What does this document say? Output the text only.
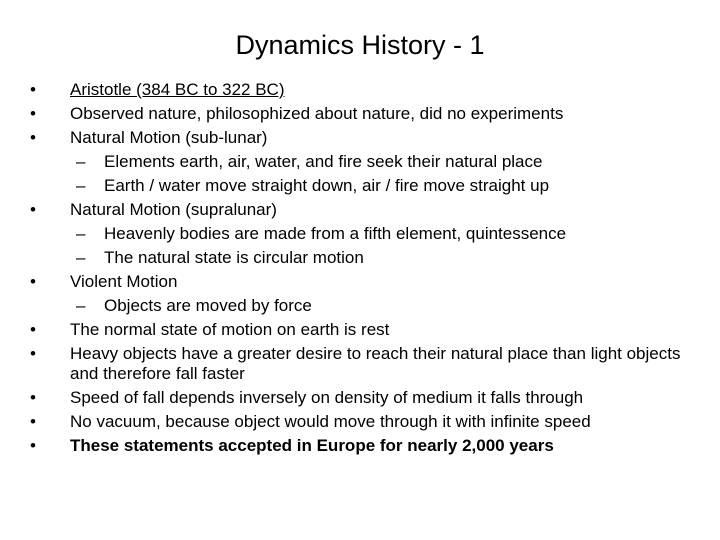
Dynamics History - 1
•	Aristotle (384 BC to 322 BC)
•	Observed nature, philosophized about nature, did no experiments
•	Natural Motion (sub-lunar)
– Elements earth, air, water, and fire seek their natural place
– Earth / water move straight down, air / fire move straight up
•	Natural Motion (supralunar)
– Heavenly bodies are made from a fifth element, quintessence
– The natural state is circular motion
•	Violent Motion
– Objects are moved by force
•	The normal state of motion on earth is rest
•	Heavy objects have a greater desire to reach their natural place than light objects and therefore fall faster
•	Speed of fall depends inversely on density of medium it falls through
•	No vacuum, because object would move through it with infinite speed
•	These statements accepted in Europe for nearly 2,000 years
